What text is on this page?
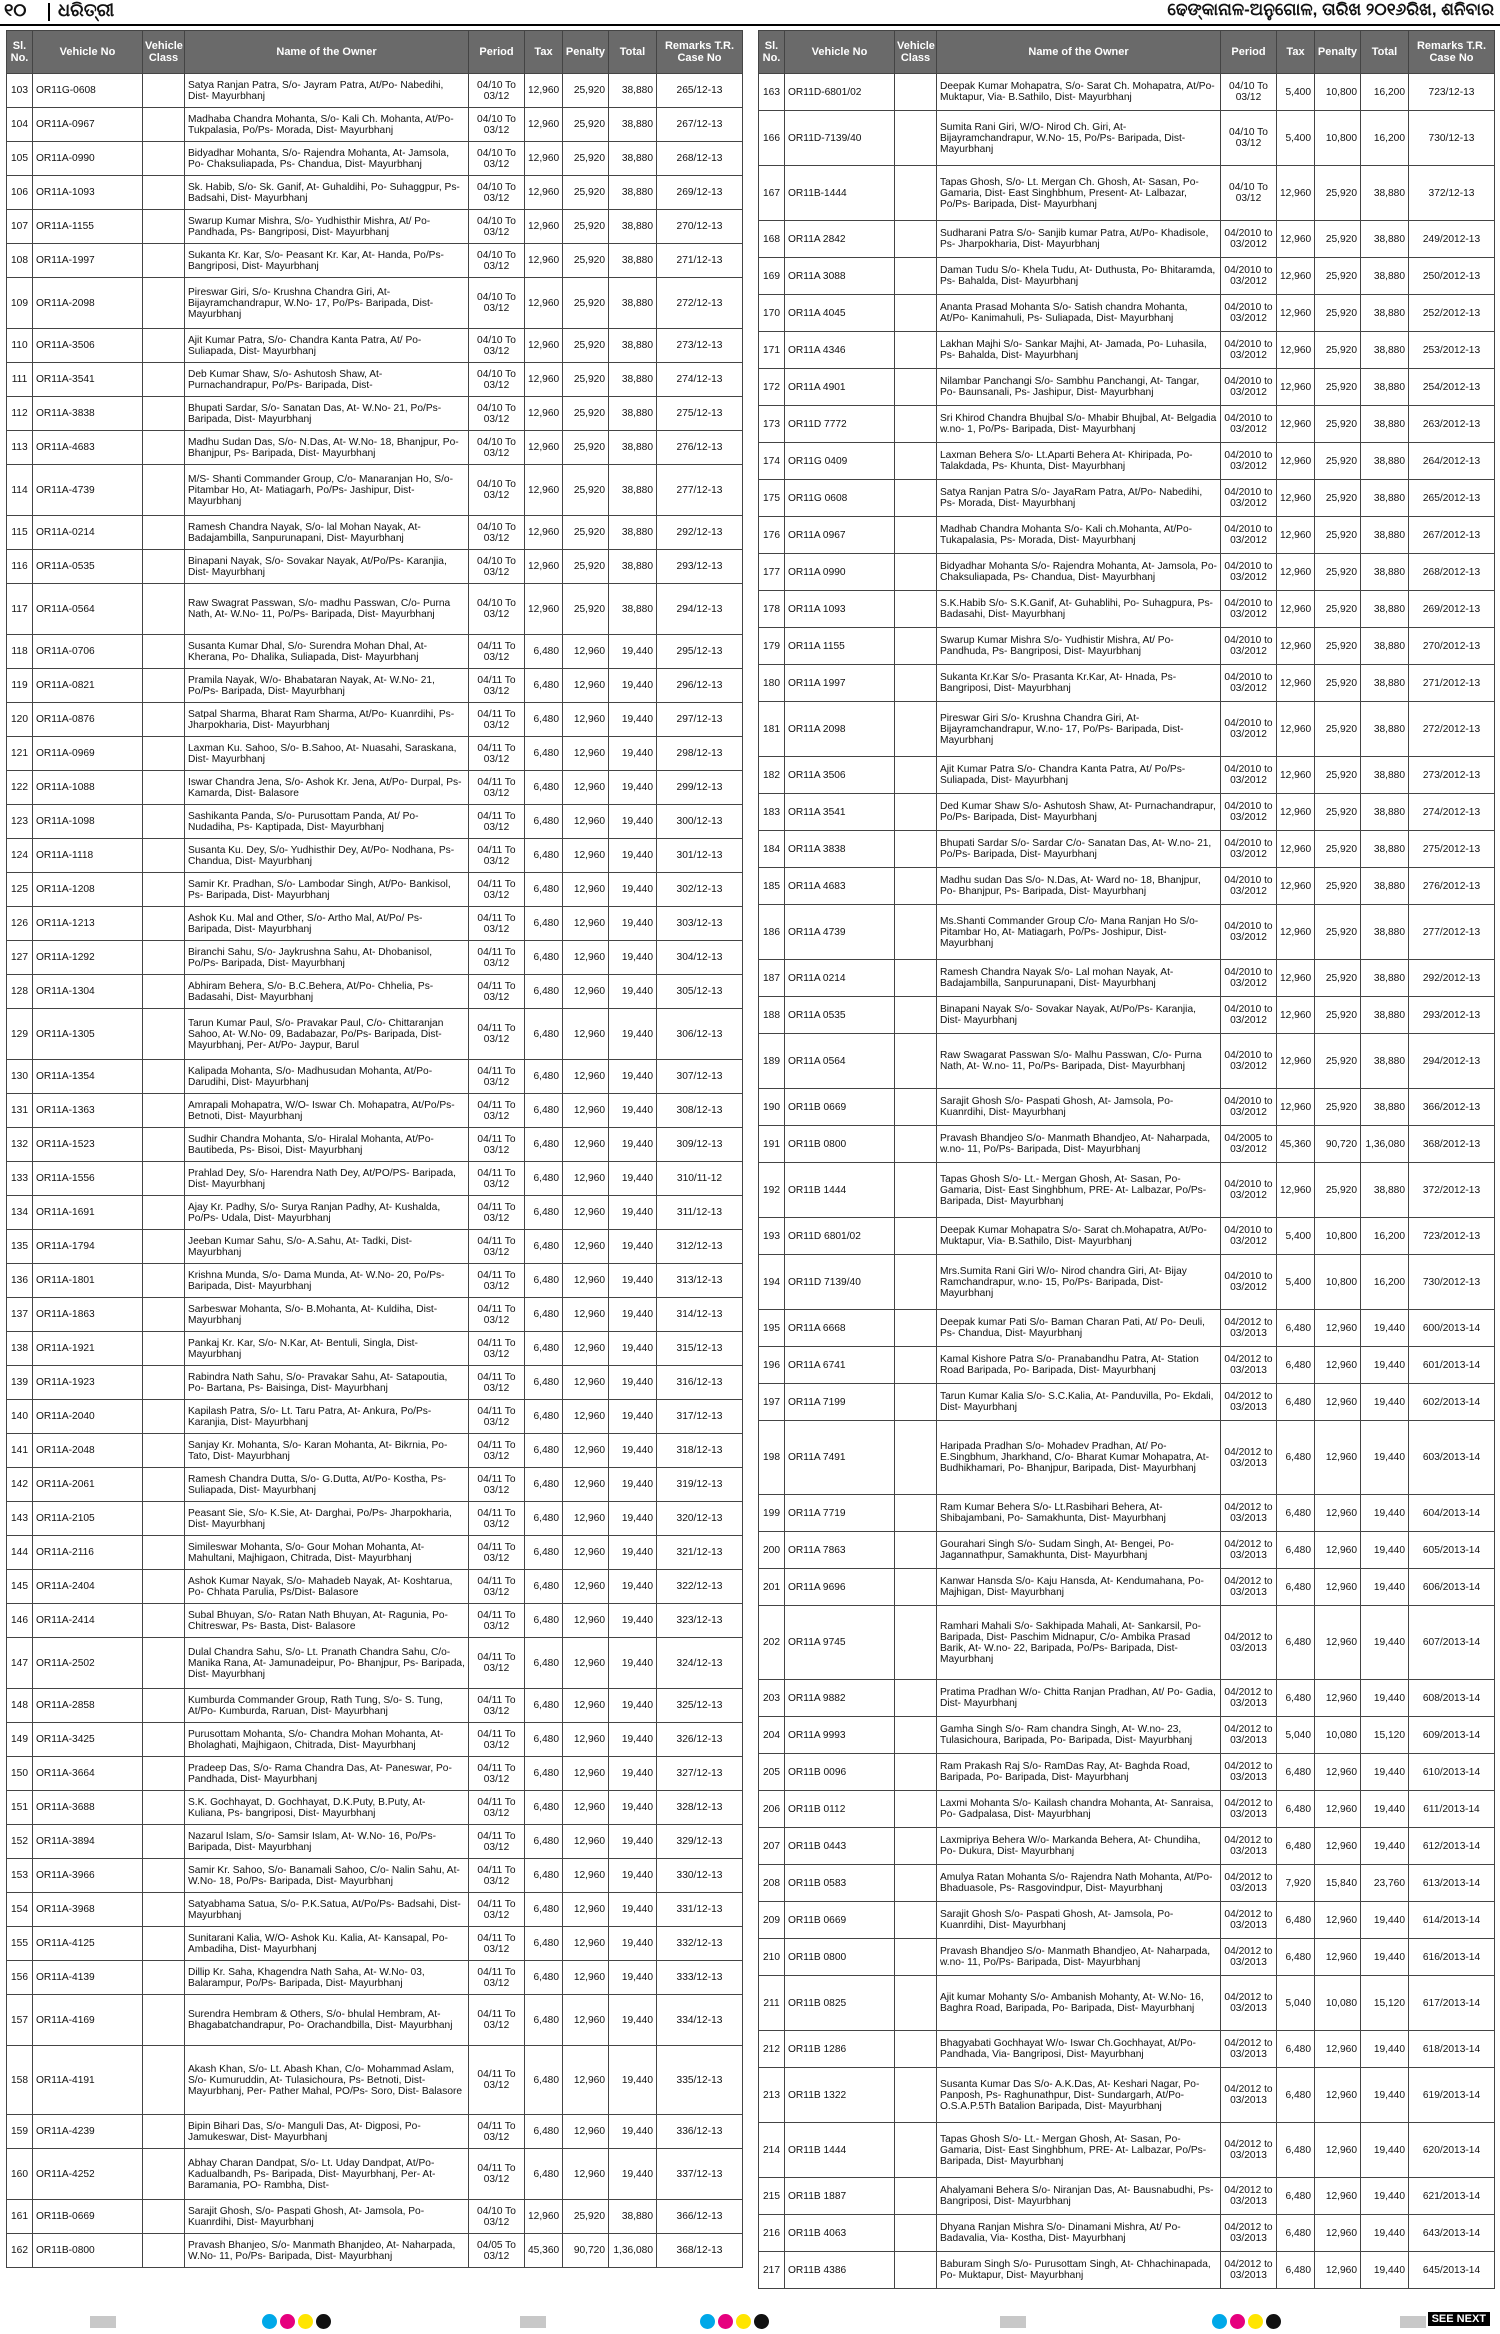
୧୦ ଧରିତ୍ରୀ	ଢେଙ୍କାନାଳ-ଅନୁଗୋଳ, ତାରିଖ ୨୦୧୬ରିଖ, ଶନିବାର
Sl. No.	Vehicle No	Vehicle Class	Name of the Owner	Period	Tax	Penalty	Total	Remarks T.R. Case No
103	OR11G-0608		Satya Ranjan Patra, S/o- Jayram Patra, At/Po- Nabedihi, Dist- Mayurbhanj	04/10 To 03/12	12,960	25,920	38,880	265/12-13
104	OR11A-0967		Madhaba Chandra Mohanta, S/o- Kali Ch. Mohanta, At/Po- Tukpalasia, Po/Ps- Morada, Dist- Mayurbhanj	04/10 To 03/12	12,960	25,920	38,880	267/12-13
105	OR11A-0990		Bidyadhar Mohanta, S/o- Rajendra Mohanta, At- Jamsola, Po- Chaksuliapada, Ps- Chandua, Dist- Mayurbhanj	04/10 To 03/12	12,960	25,920	38,880	268/12-13
106	OR11A-1093		Sk. Habib, S/o- Sk. Ganif, At- Guhaldihi, Po- Suhaggpur, Ps- Badsahi, Dist- Mayurbhanj	04/10 To 03/12	12,960	25,920	38,880	269/12-13
107	OR11A-1155		Swarup Kumar Mishra, S/o- Yudhisthir Mishra, At/ Po- Pandhada, Ps- Bangriposi, Dist- Mayurbhanj	04/10 To 03/12	12,960	25,920	38,880	270/12-13
108	OR11A-1997		Sukanta Kr. Kar, S/o- Peasant Kr. Kar, At- Handa, Po/Ps- Bangriposi, Dist- Mayurbhanj	04/10 To 03/12	12,960	25,920	38,880	271/12-13
109	OR11A-2098		Pireswar Giri, S/o- Krushna Chandra Giri, At- Bijayramchandrapur, W.No- 17, Po/Ps- Baripada, Dist- Mayurbhanj	04/10 To 03/12	12,960	25,920	38,880	272/12-13
110	OR11A-3506		Ajit Kumar Patra, S/o- Chandra Kanta Patra, At/ Po- Suliapada, Dist- Mayurbhanj	04/10 To 03/12	12,960	25,920	38,880	273/12-13
111	OR11A-3541		Deb Kumar Shaw, S/o- Ashutosh Shaw, At- Purnachandrapur, Po/Ps- Baripada, Dist-	04/10 To 03/12	12,960	25,920	38,880	274/12-13
112	OR11A-3838		Bhupati Sardar, S/o- Sanatan Das, At- W.No- 21, Po/Ps- Baripada, Dist- Mayurbhanj	04/10 To 03/12	12,960	25,920	38,880	275/12-13
113	OR11A-4683		Madhu Sudan Das, S/o- N.Das, At- W.No- 18, Bhanjpur, Po- Bhanjpur, Ps- Baripada, Dist- Mayurbhanj	04/10 To 03/12	12,960	25,920	38,880	276/12-13
114	OR11A-4739		M/S- Shanti Commander Group, C/o- Manaranjan Ho, S/o- Pitambar Ho, At- Matiagarh, Po/Ps- Jashipur, Dist- Mayurbhanj	04/10 To 03/12	12,960	25,920	38,880	277/12-13
115	OR11A-0214		Ramesh Chandra Nayak, S/o- lal Mohan Nayak, At- Badajambilla, Sanpurunapani, Dist- Mayurbhanj	04/10 To 03/12	12,960	25,920	38,880	292/12-13
116	OR11A-0535		Binapani Nayak, S/o- Sovakar Nayak, At/Po/Ps- Karanjia, Dist- Mayurbhanj	04/10 To 03/12	12,960	25,920	38,880	293/12-13
117	OR11A-0564		Raw Swagrat Passwan, S/o- madhu Passwan, C/o- Purna Nath, At- W.No- 11, Po/Ps- Baripada, Dist- Mayurbhanj	04/10 To 03/12	12,960	25,920	38,880	294/12-13
118	OR11A-0706		Susanta Kumar Dhal, S/o- Surendra Mohan Dhal, At- Kherana, Po- Dhalika, Suliapada, Dist- Mayurbhanj	04/11 To 03/12	6,480	12,960	19,440	295/12-13
119	OR11A-0821		Pramila Nayak, W/o- Bhabataran Nayak, At- W.No- 21, Po/Ps- Baripada, Dist- Mayurbhanj	04/11 To 03/12	6,480	12,960	19,440	296/12-13
120	OR11A-0876		Satpal Sharma, Bharat Ram Sharma, At/Po- Kuanrdihi, Ps- Jharpokharia, Dist- Mayurbhanj	04/11 To 03/12	6,480	12,960	19,440	297/12-13
121	OR11A-0969		Laxman Ku. Sahoo, S/o- B.Sahoo, At- Nuasahi, Saraskana, Dist- Mayurbhanj	04/11 To 03/12	6,480	12,960	19,440	298/12-13
122	OR11A-1088		Iswar Chandra Jena, S/o- Ashok Kr. Jena, At/Po- Durpal, Ps- Kamarda, Dist- Balasore	04/11 To 03/12	6,480	12,960	19,440	299/12-13
123	OR11A-1098		Sashikanta Panda, S/o- Purusottam Panda, At/ Po- Nudadiha, Ps- Kaptipada, Dist- Mayurbhanj	04/11 To 03/12	6,480	12,960	19,440	300/12-13
124	OR11A-1118		Susanta Ku. Dey, S/o- Yudhisthir Dey, At/Po- Nodhana, Ps- Chandua, Dist- Mayurbhanj	04/11 To 03/12	6,480	12,960	19,440	301/12-13
125	OR11A-1208		Samir Kr. Pradhan, S/o- Lambodar Singh, At/Po- Bankisol, Ps- Baripada, Dist- Mayurbhanj	04/11 To 03/12	6,480	12,960	19,440	302/12-13
126	OR11A-1213		Ashok Ku. Mal and Other, S/o- Artho Mal, At/Po/ Ps- Baripada, Dist- Mayurbhanj	04/11 To 03/12	6,480	12,960	19,440	303/12-13
127	OR11A-1292		Biranchi Sahu, S/o- Jaykrushna Sahu, At- Dhobanisol, Po/Ps- Baripada, Dist- Mayurbhanj	04/11 To 03/12	6,480	12,960	19,440	304/12-13
128	OR11A-1304		Abhiram Behera, S/o- B.C.Behera, At/Po- Chhelia, Ps- Badasahi, Dist- Mayurbhanj	04/11 To 03/12	6,480	12,960	19,440	305/12-13
129	OR11A-1305		Tarun Kumar Paul, S/o- Pravakar Paul, C/o- Chittaranjan Sahoo, At- W.No- 09, Badabazar, Po/Ps- Baripada, Dist- Mayurbhanj, Per- At/Po- Jaypur, Barul	04/11 To 03/12	6,480	12,960	19,440	306/12-13
130	OR11A-1354		Kalipada Mohanta, S/o- Madhusudan Mohanta, At/Po- Darudihi, Dist- Mayurbhanj	04/11 To 03/12	6,480	12,960	19,440	307/12-13
131	OR11A-1363		Amrapali Mohapatra, W/O- Iswar Ch. Mohapatra, At/Po/Ps- Betnoti, Dist- Mayurbhanj	04/11 To 03/12	6,480	12,960	19,440	308/12-13
132	OR11A-1523		Sudhir Chandra Mohanta, S/o- Hiralal Mohanta, At/Po- Bautibeda, Ps- Bisoi, Dist- Mayurbhanj	04/11 To 03/12	6,480	12,960	19,440	309/12-13
133	OR11A-1556		Prahlad Dey, S/o- Harendra Nath Dey, At/PO/PS- Baripada, Dist- Mayurbhanj	04/11 To 03/12	6,480	12,960	19,440	310/11-12
134	OR11A-1691		Ajay Kr. Padhy, S/o- Surya Ranjan Padhy, At- Kushalda, Po/Ps- Udala, Dist- Mayurbhanj	04/11 To 03/12	6,480	12,960	19,440	311/12-13
135	OR11A-1794		Jeeban Kumar Sahu, S/o- A.Sahu, At- Tadki, Dist- Mayurbhanj	04/11 To 03/12	6,480	12,960	19,440	312/12-13
136	OR11A-1801		Krishna Munda, S/o- Dama Munda, At- W.No- 20, Po/Ps- Baripada, Dist- Mayurbhanj	04/11 To 03/12	6,480	12,960	19,440	313/12-13
137	OR11A-1863		Sarbeswar Mohanta, S/o- B.Mohanta, At- Kuldiha, Dist- Mayurbhanj	04/11 To 03/12	6,480	12,960	19,440	314/12-13
138	OR11A-1921		Pankaj Kr. Kar, S/o- N.Kar, At- Bentuli, Singla, Dist- Mayurbhanj	04/11 To 03/12	6,480	12,960	19,440	315/12-13
139	OR11A-1923		Rabindra Nath Sahu, S/o- Pravakar Sahu, At- Satapoutia, Po- Bartana, Ps- Baisinga, Dist- Mayurbhanj	04/11 To 03/12	6,480	12,960	19,440	316/12-13
140	OR11A-2040		Kapilash Patra, S/o- Lt. Taru Patra, At- Ankura, Po/Ps- Karanjia, Dist- Mayurbhanj	04/11 To 03/12	6,480	12,960	19,440	317/12-13
141	OR11A-2048		Sanjay Kr. Mohanta, S/o- Karan Mohanta, At- Bikrnia, Po- Tato, Dist- Mayurbhanj	04/11 To 03/12	6,480	12,960	19,440	318/12-13
142	OR11A-2061		Ramesh Chandra Dutta, S/o- G.Dutta, At/Po- Kostha, Ps- Suliapada, Dist- Mayurbhanj	04/11 To 03/12	6,480	12,960	19,440	319/12-13
143	OR11A-2105		Peasant Sie, S/o- K.Sie, At- Darghai, Po/Ps- Jharpokharia, Dist- Mayurbhanj	04/11 To 03/12	6,480	12,960	19,440	320/12-13
144	OR11A-2116		Simileswar Mohanta, S/o- Gour Mohan Mohanta, At- Mahultani, Majhigaon, Chitrada, Dist- Mayurbhanj	04/11 To 03/12	6,480	12,960	19,440	321/12-13
145	OR11A-2404		Ashok Kumar Nayak, S/o- Mahadeb Nayak, At- Koshtarua, Po- Chhata Parulia, Ps/Dist- Balasore	04/11 To 03/12	6,480	12,960	19,440	322/12-13
146	OR11A-2414		Subal Bhuyan, S/o- Ratan Nath Bhuyan, At- Ragunia, Po- Chitreswar, Ps- Basta, Dist- Balasore	04/11 To 03/12	6,480	12,960	19,440	323/12-13
147	OR11A-2502		Dulal Chandra Sahu, S/o- Lt. Pranath Chandra Sahu, C/o- Manika Rana, At- Jamunadeipur, Po- Bhanjpur, Ps- Baripada, Dist- Mayurbhanj	04/11 To 03/12	6,480	12,960	19,440	324/12-13
148	OR11A-2858		Kumburda Commander Group, Rath Tung, S/o- S. Tung, At/Po- Kumburda, Raruan, Dist- Mayurbhanj	04/11 To 03/12	6,480	12,960	19,440	325/12-13
149	OR11A-3425		Purusottam Mohanta, S/o- Chandra Mohan Mohanta, At- Bholaghati, Majhigaon, Chitrada, Dist- Mayurbhanj	04/11 To 03/12	6,480	12,960	19,440	326/12-13
150	OR11A-3664		Pradeep Das, S/o- Rama Chandra Das, At- Paneswar, Po- Pandhada, Dist- Mayurbhanj	04/11 To 03/12	6,480	12,960	19,440	327/12-13
151	OR11A-3688		S.K. Gochhayat, D. Gochhayat, D.K.Puty, B.Puty, At- Kuliana, Ps- bangriposi, Dist- Mayurbhanj	04/11 To 03/12	6,480	12,960	19,440	328/12-13
152	OR11A-3894		Nazarul Islam, S/o- Samsir Islam, At- W.No- 16, Po/Ps- Baripada, Dist- Mayurbhanj	04/11 To 03/12	6,480	12,960	19,440	329/12-13
153	OR11A-3966		Samir Kr. Sahoo, S/o- Banamali Sahoo, C/o- Nalin Sahu, At- W.No- 18, Po/Ps- Baripada, Dist- Mayurbhanj	04/11 To 03/12	6,480	12,960	19,440	330/12-13
154	OR11A-3968		Satyabhama Satua, S/o- P.K.Satua, At/Po/Ps- Badsahi, Dist- Mayurbhanj	04/11 To 03/12	6,480	12,960	19,440	331/12-13
155	OR11A-4125		Sunitarani Kalia, W/O- Ashok Ku. Kalia, At- Kansapal, Po- Ambadiha, Dist- Mayurbhanj	04/11 To 03/12	6,480	12,960	19,440	332/12-13
156	OR11A-4139		Dillip Kr. Saha, Khagendra Nath Saha, At- W.No- 03, Balarampur, Po/Ps- Baripada, Dist- Mayurbhanj	04/11 To 03/12	6,480	12,960	19,440	333/12-13
157	OR11A-4169		Surendra Hembram & Others, S/o- bhulal Hembram, At- Bhagabatchandrapur, Po- Orachandbilla, Dist- Mayurbhanj	04/11 To 03/12	6,480	12,960	19,440	334/12-13
158	OR11A-4191		Akash Khan, S/o- Lt. Abash Khan, C/o- Mohammad Aslam, S/o- Kumuruddin, At- Tulasichoura, Ps- Betnoti, Dist- Mayurbhanj, Per- Pather Mahal, PO/Ps- Soro, Dist- Balasore	04/11 To 03/12	6,480	12,960	19,440	335/12-13
159	OR11A-4239		Bipin Bihari Das, S/o- Manguli Das, At- Digposi, Po- Jamukeswar, Dist- Mayurbhanj	04/11 To 03/12	6,480	12,960	19,440	336/12-13
160	OR11A-4252		Abhay Charan Dandpat, S/o- Lt. Uday Dandpat, At/Po- Kadualbandh, Ps- Baripada, Dist- Mayurbhanj, Per- At- Baramania, PO- Rambha, Dist-	04/11 To 03/12	6,480	12,960	19,440	337/12-13
161	OR11B-0669		Sarajit Ghosh, S/o- Paspati Ghosh, At- Jamsola, Po- Kuanrdihi, Dist- Mayurbhanj	04/10 To 03/12	12,960	25,920	38,880	366/12-13
162	OR11B-0800		Pravash Bhanjeo, S/o- Manmath Bhanjdeo, At- Naharpada, W.No- 11, Po/Ps- Baripada, Dist- Mayurbhanj	04/05 To 03/12	45,360	90,720	1,36,080	368/12-13
Sl. No.	Vehicle No	Vehicle Class	Name of the Owner	Period	Tax	Penalty	Total	Remarks T.R. Case No
163	OR11D-6801/02		Deepak Kumar Mohapatra, S/o- Sarat Ch. Mohapatra, At/Po- Muktapur, Via- B.Sathilo, Dist- Mayurbhanj	04/10 To 03/12	5,400	10,800	16,200	723/12-13
166	OR11D-7139/40		Sumita Rani Giri, W/O- Nirod Ch. Giri, At- Bijayramchandrapur, W.No- 15, Po/Ps- Baripada, Dist- Mayurbhanj	04/10 To 03/12	5,400	10,800	16,200	730/12-13
167	OR11B-1444		Tapas Ghosh, S/o- Lt. Mergan Ch. Ghosh, At- Sasan, Po- Gamaria, Dist- East Singhbhum, Present- At- Lalbazar, Po/Ps- Baripada, Dist- Mayurbhanj	04/10 To 03/12	12,960	25,920	38,880	372/12-13
168	OR11A 2842		Sudharani Patra S/o- Sanjib kumar Patra, At/Po- Khadisole, Ps- Jharpokharia, Dist- Mayurbhanj	04/2010 to 03/2012	12,960	25,920	38,880	249/2012-13
169	OR11A 3088		Daman Tudu S/o- Khela Tudu, At- Duthusta, Po- Bhitaramda, Ps- Bahalda, Dist- Mayurbhanj	04/2010 to 03/2012	12,960	25,920	38,880	250/2012-13
170	OR11A 4045		Ananta Prasad Mohanta S/o- Satish chandra Mohanta, At/Po- Kanimahuli, Ps- Suliapada, Dist- Mayurbhanj	04/2010 to 03/2012	12,960	25,920	38,880	252/2012-13
171	OR11A 4346		Lakhan Majhi S/o- Sankar Majhi, At- Jamada, Po- Luhasila, Ps- Bahalda, Dist- Mayurbhanj	04/2010 to 03/2012	12,960	25,920	38,880	253/2012-13
172	OR11A 4901		Nilambar Panchangi S/o- Sambhu Panchangi, At- Tangar, Po- Baunsanali, Ps- Jashipur, Dist- Mayurbhanj	04/2010 to 03/2012	12,960	25,920	38,880	254/2012-13
173	OR11D 7772		Sri Khirod Chandra Bhujbal S/o- Mhabir Bhujbal, At- Belgadia w.no- 1, Po/Ps- Baripada, Dist- Mayurbhanj	04/2010 to 03/2012	12,960	25,920	38,880	263/2012-13
174	OR11G 0409		Laxman Behera S/o- Lt.Aparti Behera At- Khiripada, Po- Talakdada, Ps- Khunta, Dist- Mayurbhanj	04/2010 to 03/2012	12,960	25,920	38,880	264/2012-13
175	OR11G 0608		Satya Ranjan Patra S/o- JayaRam Patra, At/Po- Nabedihi, Ps- Morada, Dist- Mayurbhanj	04/2010 to 03/2012	12,960	25,920	38,880	265/2012-13
176	OR11A 0967		Madhab Chandra Mohanta S/o- Kali ch.Mohanta, At/Po- Tukapalasia, Ps- Morada, Dist- Mayurbhanj	04/2010 to 03/2012	12,960	25,920	38,880	267/2012-13
177	OR11A 0990		Bidyadhar Mohanta S/o- Rajendra Mohanta, At- Jamsola, Po- Chaksuliapada, Ps- Chandua, Dist- Mayurbhanj	04/2010 to 03/2012	12,960	25,920	38,880	268/2012-13
178	OR11A 1093		S.K.Habib S/o- S.K.Ganif, At- Guhablihi, Po- Suhagpura, Ps- Badasahi, Dist- Mayurbhanj	04/2010 to 03/2012	12,960	25,920	38,880	269/2012-13
179	OR11A 1155		Swarup Kumar Mishra S/o- Yudhistir Mishra, At/ Po- Pandhuda, Ps- Bangriposi, Dist- Mayurbhanj	04/2010 to 03/2012	12,960	25,920	38,880	270/2012-13
180	OR11A 1997		Sukanta Kr.Kar S/o- Prasanta Kr.Kar, At- Hnada, Ps- Bangriposi, Dist- Mayurbhanj	04/2010 to 03/2012	12,960	25,920	38,880	271/2012-13
181	OR11A 2098		Pireswar Giri S/o- Krushna Chandra Giri, At- Bijayramchandrapur, W.no- 17, Po/Ps- Baripada, Dist- Mayurbhanj	04/2010 to 03/2012	12,960	25,920	38,880	272/2012-13
182	OR11A 3506		Ajit Kumar Patra S/o- Chandra Kanta Patra, At/ Po/Ps- Suliapada, Dist- Mayurbhanj	04/2010 to 03/2012	12,960	25,920	38,880	273/2012-13
183	OR11A 3541		Ded Kumar Shaw S/o- Ashutosh Shaw, At- Purnachandrapur, Po/Ps- Baripada, Dist- Mayurbhanj	04/2010 to 03/2012	12,960	25,920	38,880	274/2012-13
184	OR11A 3838		Bhupati Sardar S/o- Sardar C/o- Sanatan Das, At- W.no- 21, Po/Ps- Baripada, Dist- Mayurbhanj	04/2010 to 03/2012	12,960	25,920	38,880	275/2012-13
185	OR11A 4683		Madhu sudan Das S/o- N.Das, At- Ward no- 18, Bhanjpur, Po- Bhanjpur, Ps- Baripada, Dist- Mayurbhanj	04/2010 to 03/2012	12,960	25,920	38,880	276/2012-13
186	OR11A 4739		Ms.Shanti Commander Group C/o- Mana Ranjan Ho S/o- Pitambar Ho, At- Matiagarh, Po/Ps- Joshipur, Dist- Mayurbhanj	04/2010 to 03/2012	12,960	25,920	38,880	277/2012-13
187	OR11A 0214		Ramesh Chandra Nayak S/o- Lal mohan Nayak, At- Badajambilla, Sanpurunapani, Dist- Mayurbhanj	04/2010 to 03/2012	12,960	25,920	38,880	292/2012-13
188	OR11A 0535		Binapani Nayak S/o- Sovakar Nayak, At/Po/Ps- Karanjia, Dist- Mayurbhanj	04/2010 to 03/2012	12,960	25,920	38,880	293/2012-13
189	OR11A 0564		Raw Swagarat Passwan S/o- Malhu Passwan, C/o- Purna Nath, At- W.no- 11, Po/Ps- Baripada, Dist- Mayurbhanj	04/2010 to 03/2012	12,960	25,920	38,880	294/2012-13
190	OR11B 0669		Sarajit Ghosh S/o- Paspati Ghosh, At- Jamsola, Po- Kuanrdihi, Dist- Mayurbhanj	04/2010 to 03/2012	12,960	25,920	38,880	366/2012-13
191	OR11B 0800		Pravash Bhandjeo S/o- Manmath Bhandjeo, At- Naharpada, w.no- 11, Po/Ps- Baripada, Dist- Mayurbhanj	04/2005 to 03/2012	45,360	90,720	1,36,080	368/2012-13
192	OR11B 1444		Tapas Ghosh S/o- Lt.- Mergan Ghosh, At- Sasan, Po- Gamaria, Dist- East Singhbhum, PRE- At- Lalbazar, Po/Ps- Baripada, Dist- Mayurbhanj	04/2010 to 03/2012	12,960	25,920	38,880	372/2012-13
193	OR11D 6801/02		Deepak Kumar Mohapatra S/o- Sarat ch.Mohapatra, At/Po- Muktapur, Via- B.Sathilo, Dist- Mayurbhanj	04/2010 to 03/2012	5,400	10,800	16,200	723/2012-13
194	OR11D 7139/40		Mrs.Sumita Rani Giri W/o- Nirod chandra Giri, At- Bijay Ramchandrapur, w.no- 15, Po/Ps- Baripada, Dist- Mayurbhanj	04/2010 to 03/2012	5,400	10,800	16,200	730/2012-13
195	OR11A 6668		Deepak kumar Pati S/o- Baman Charan Pati, At/ Po- Deuli, Ps- Chandua, Dist- Mayurbhanj	04/2012 to 03/2013	6,480	12,960	19,440	600/2013-14
196	OR11A 6741		Kamal Kishore Patra S/o- Pranabandhu Patra, At- Station Road Baripada, Po- Baripada, Dist- Mayurbhanj	04/2012 to 03/2013	6,480	12,960	19,440	601/2013-14
197	OR11A 7199		Tarun Kumar Kalia S/o- S.C.Kalia, At- Panduvilla, Po- Ekdali, Dist- Mayurbhanj	04/2012 to 03/2013	6,480	12,960	19,440	602/2013-14
198	OR11A 7491		Haripada Pradhan S/o- Mohadev Pradhan, At/ Po- E.Singbhum, Jharkhand, C/o- Bharat Kumar Mohapatra, At- Budhikhamari, Po- Bhanjpur, Baripada, Dist- Mayurbhanj	04/2012 to 03/2013	6,480	12,960	19,440	603/2013-14
199	OR11A 7719		Ram Kumar Behera S/o- Lt.Rasbihari Behera, At- Shibajambani, Po- Samakhunta, Dist- Mayurbhanj	04/2012 to 03/2013	6,480	12,960	19,440	604/2013-14
200	OR11A 7863		Gourahari Singh S/o- Sudam Singh, At- Bengei, Po- Jagannathpur, Samakhunta, Dist- Mayurbhanj	04/2012 to 03/2013	6,480	12,960	19,440	605/2013-14
201	OR11A 9696		Kanwar Hansda S/o- Kaju Hansda, At- Kendumahana, Po- Majhigan, Dist- Mayurbhanj	04/2012 to 03/2013	6,480	12,960	19,440	606/2013-14
202	OR11A 9745		Ramhari Mahali S/o- Sakhipada Mahali, At- Sankarsil, Po- Baripada, Dist- Paschim Midnapur, C/o- Ambika Prasad Barik, At- W.no- 22, Baripada, Po/Ps- Baripada, Dist- Mayurbhanj	04/2012 to 03/2013	6,480	12,960	19,440	607/2013-14
203	OR11A 9882		Pratima Pradhan W/o- Chitta Ranjan Pradhan, At/ Po- Gadia, Dist- Mayurbhanj	04/2012 to 03/2013	6,480	12,960	19,440	608/2013-14
204	OR11A 9993		Gamha Singh S/o- Ram chandra Singh, At- W.no- 23, Tulasichoura, Baripada, Po- Baripada, Dist- Mayurbhanj	04/2012 to 03/2013	5,040	10,080	15,120	609/2013-14
205	OR11B 0096		Ram Prakash Raj S/o- RamDas Ray, At- Baghda Road, Baripada, Po- Baripada, Dist- Mayurbhanj	04/2012 to 03/2013	6,480	12,960	19,440	610/2013-14
206	OR11B 0112		Laxmi Mohanta S/o- Kailash chandra Mohanta, At- Sanraisa, Po- Gadpalasa, Dist- Mayurbhanj	04/2012 to 03/2013	6,480	12,960	19,440	611/2013-14
207	OR11B 0443		Laxmipriya Behera W/o- Markanda Behera, At- Chundiha, Po- Dukura, Dist- Mayurbhanj	04/2012 to 03/2013	6,480	12,960	19,440	612/2013-14
208	OR11B 0583		Amulya Ratan Mohanta S/o- Rajendra Nath Mohanta, At/Po- Bhaduasole, Ps- Rasgovindpur, Dist- Mayurbhanj	04/2012 to 03/2013	7,920	15,840	23,760	613/2013-14
209	OR11B 0669		Sarajit Ghosh S/o- Paspati Ghosh, At- Jamsola, Po- Kuanrdihi, Dist- Mayurbhanj	04/2012 to 03/2013	6,480	12,960	19,440	614/2013-14
210	OR11B 0800		Pravash Bhandjeo S/o- Manmath Bhandjeo, At- Naharpada, w.no- 11, Po/Ps- Baripada, Dist- Mayurbhanj	04/2012 to 03/2013	6,480	12,960	19,440	616/2013-14
211	OR11B 0825		Ajit kumar Mohanty S/o- Ambanish Mohanty, At- W.No- 16, Baghra Road, Baripada, Po- Baripada, Dist- Mayurbhanj	04/2012 to 03/2013	5,040	10,080	15,120	617/2013-14
212	OR11B 1286		Bhagyabati Gochhayat W/o- Iswar Ch.Gochhayat, At/Po- Pandhada, Via- Bangriposi, Dist- Mayurbhanj	04/2012 to 03/2013	6,480	12,960	19,440	618/2013-14
213	OR11B 1322		Susanta Kumar Das S/o- A.K.Das, At- Keshari Nagar, Po- Panposh, Ps- Raghunathpur, Dist- Sundargarh, At/Po- O.S.A.P.5Th Batalion Baripada, Dist- Mayurbhanj	04/2012 to 03/2013	6,480	12,960	19,440	619/2013-14
214	OR11B 1444		Tapas Ghosh S/o- Lt.- Mergan Ghosh, At- Sasan, Po- Gamaria, Dist- East Singhbhum, PRE- At- Lalbazar, Po/Ps- Baripada, Dist- Mayurbhanj	04/2012 to 03/2013	6,480	12,960	19,440	620/2013-14
215	OR11B 1887		Ahalyamani Behera S/o- Niranjan Das, At- Bausnabudhi, Ps- Bangriposi, Dist- Mayurbhanj	04/2012 to 03/2013	6,480	12,960	19,440	621/2013-14
216	OR11B 4063		Dhyana Ranjan Mishra S/o- Dinamani Mishra, At/ Po- Badavalia, Via- Kostha, Dist- Mayurbhanj	04/2012 to 03/2013	6,480	12,960	19,440	643/2013-14
217	OR11B 4386		Baburam Singh S/o- Purusottam Singh, At- Chhachinapada, Po- Muktapur, Dist- Mayurbhanj	04/2012 to 03/2013	6,480	12,960	19,440	645/2013-14
SEE NEXT
